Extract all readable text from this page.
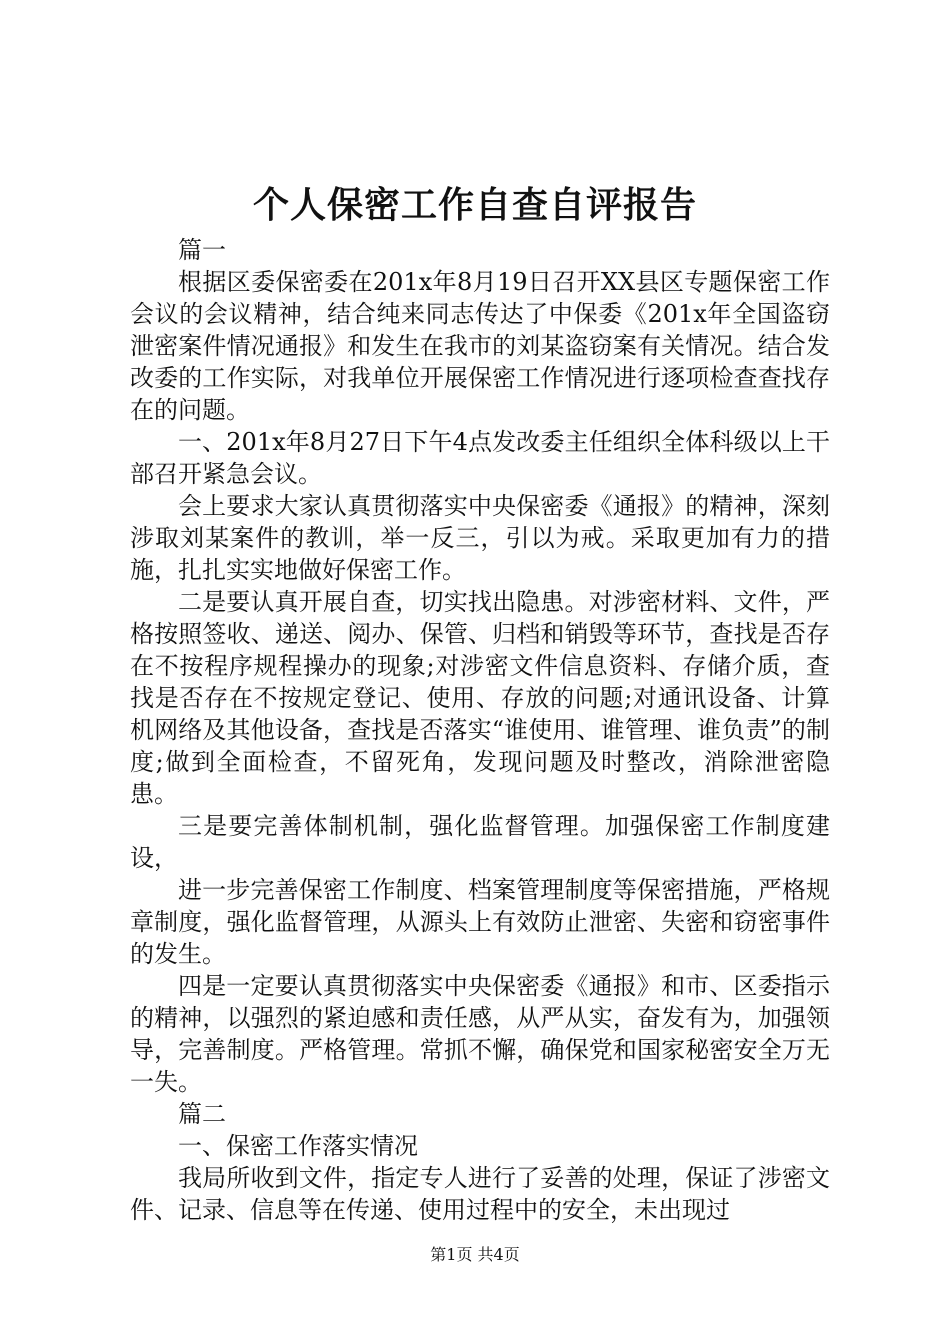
个人保密工作自查自评报告

篇一

根据区委保密委在201x年8月19日召开XX县区专题保密工作会议的会议精神，结合纯来同志传达了中保委《201x年全国盗窃泄密案件情况通报》和发生在我市的刘某盗窃案有关情况。结合发改委的工作实际，对我单位开展保密工作情况进行逐项检查查找存在的问题。

一、201x年8月27日下午4点发改委主任组织全体科级以上干部召开紧急会议。

会上要求大家认真贯彻落实中央保密委《通报》的精神，深刻涉取刘某案件的教训，举一反三，引以为戒。采取更加有力的措施，扎扎实实地做好保密工作。

二是要认真开展自查，切实找出隐患。对涉密材料、文件，严格按照签收、递送、阅办、保管、归档和销毁等环节，查找是否存在不按程序规程操办的现象;对涉密文件信息资料、存储介质，查找是否存在不按规定登记、使用、存放的问题;对通讯设备、计算机网络及其他设备，查找是否落实“谁使用、谁管理、谁负责”的制度;做到全面检查，不留死角，发现问题及时整改，消除泄密隐患。

三是要完善体制机制，强化监督管理。加强保密工作制度建设，

进一步完善保密工作制度、档案管理制度等保密措施，严格规章制度，强化监督管理，从源头上有效防止泄密、失密和窃密事件的发生。

四是一定要认真贯彻落实中央保密委《通报》和市、区委指示的精神，以强烈的紧迫感和责任感，从严从实，奋发有为，加强领导，完善制度。严格管理。常抓不懈，确保党和国家秘密安全万无一失。

篇二

一、保密工作落实情况

我局所收到文件，指定专人进行了妥善的处理，保证了涉密文件、记录、信息等在传递、使用过程中的安全，未出现过

第1页 共4页
